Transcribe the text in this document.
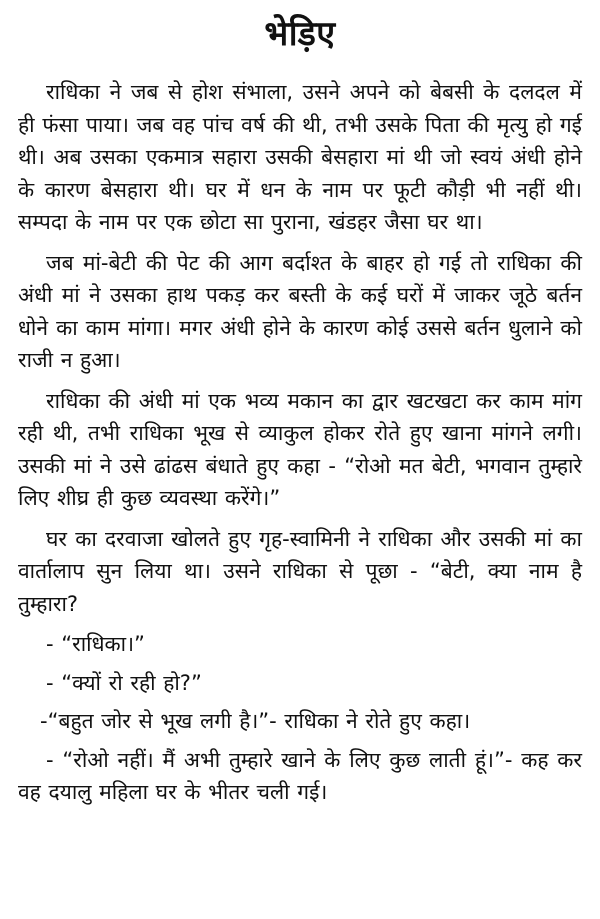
भेड़िए

राधिका ने जब से होश संभाला, उसने अपने को बेबसी के दलदल में ही फंसा पाया। जब वह पांच वर्ष की थी, तभी उसके पिता की मृत्यु हो गई थी। अब उसका एकमात्र सहारा उसकी बेसहारा मां थी जो स्वयं अंधी होने के कारण बेसहारा थी। घर में धन के नाम पर फूटी कौड़ी भी नहीं थी। सम्पदा के नाम पर एक छोटा सा पुराना, खंडहर जैसा घर था।

जब मां-बेटी की पेट की आग बर्दाश्त के बाहर हो गई तो राधिका की अंधी मां ने उसका हाथ पकड़ कर बस्ती के कई घरों में जाकर जूठे बर्तन धोने का काम मांगा। मगर अंधी होने के कारण कोई उससे बर्तन धुलाने को राजी न हुआ।

राधिका की अंधी मां एक भव्य मकान का द्वार खटखटा कर काम मांग रही थी, तभी राधिका भूख से व्याकुल होकर रोते हुए खाना मांगने लगी। उसकी मां ने उसे ढांढस बंधाते हुए कहा - “रोओ मत बेटी, भगवान तुम्हारे लिए शीघ्र ही कुछ व्यवस्था करेंगे।”

घर का दरवाजा खोलते हुए गृह-स्वामिनी ने राधिका और उसकी मां का वार्तालाप सुन लिया था। उसने राधिका से पूछा - “बेटी, क्या नाम है तुम्हारा?

- “राधिका।”

- “क्यों रो रही हो?”

-“बहुत जोर से भूख लगी है।”- राधिका ने रोते हुए कहा।

- “रोओ नहीं। मैं अभी तुम्हारे खाने के लिए कुछ लाती हूं।”- कह कर वह दयालु महिला घर के भीतर चली गई।
